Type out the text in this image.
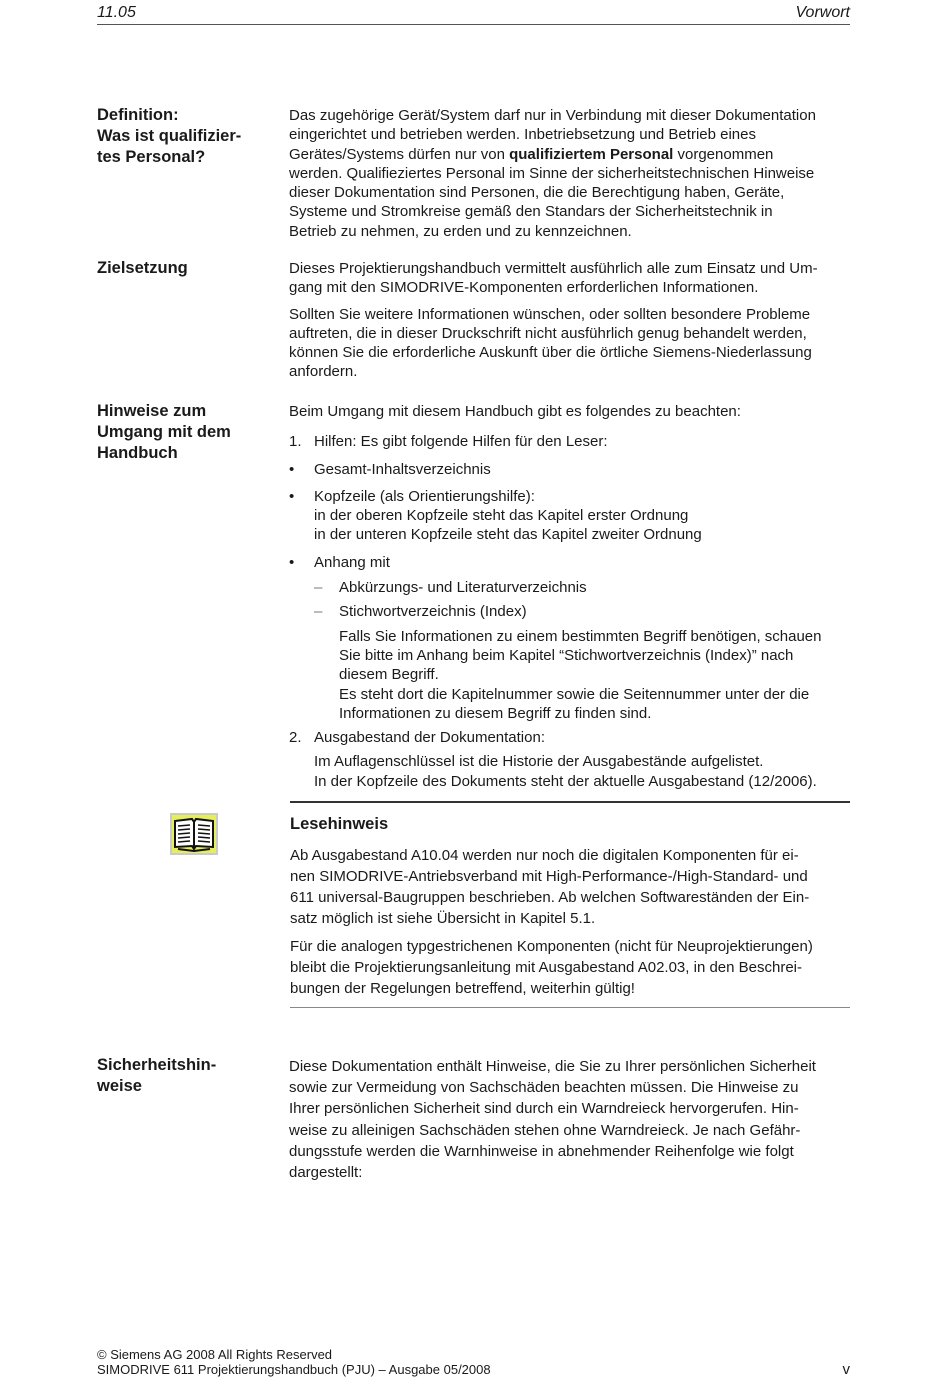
11.05	Vorwort
Definition:
Was ist qualifizier-
tes Personal?
Das zugehörige Gerät/System darf nur in Verbindung mit dieser Dokumentation
eingerichtet und betrieben werden. Inbetriebsetzung und Betrieb eines
Gerätes/Systems dürfen nur von qualifiziertem Personal vorgenommen
werden. Qualifieziertes Personal im Sinne der sicherheitstechnischen Hinweise
dieser Dokumentation sind Personen, die die Berechtigung haben, Geräte,
Systeme und Stromkreise gemäß den Standars der Sicherheitstechnik in
Betrieb zu nehmen, zu erden und zu kennzeichnen.
Zielsetzung	Dieses Projektierungshandbuch vermittelt ausführlich alle zum Einsatz und Um-
gang mit den SIMODRIVE-Komponenten erforderlichen Informationen.

Sollten Sie weitere Informationen wünschen, oder sollten besondere Probleme
auftreten, die in dieser Druckschrift nicht ausführlich genug behandelt werden,
können Sie die erforderliche Auskunft über die örtliche Siemens-Niederlassung
anfordern.

Hinweise zum
Umgang mit dem
Handbuch

Beim Umgang mit diesem Handbuch gibt es folgendes zu beachten:

1. Hilfen: Es gibt folgende Hilfen für den Leser:
• Gesamt-Inhaltsverzeichnis
• Kopfzeile (als Orientierungshilfe):
in der oberen Kopfzeile steht das Kapitel erster Ordnung
in der unteren Kopfzeile steht das Kapitel zweiter Ordnung
• Anhang mit
– Abkürzungs- und Literaturverzeichnis
– Stichwortverzeichnis (Index)
Falls Sie Informationen zu einem bestimmten Begriff benötigen, schauen
Sie bitte im Anhang beim Kapitel “Stichwortverzeichnis (Index)” nach
diesem Begriff.
Es steht dort die Kapitelnummer sowie die Seitennummer unter der die
Informationen zu diesem Begriff zu finden sind.
2. Ausgabestand der Dokumentation:
Im Auflagenschlüssel ist die Historie der Ausgabestände aufgelistet.
In der Kopfzeile des Dokuments steht der aktuelle Ausgabestand (12/2006).
Lesehinweis

Ab Ausgabestand A10.04 werden nur noch die digitalen Komponenten für ei-
nen SIMODRIVE-Antriebsverband mit High-Performance-/High-Standard- und
611 universal-Baugruppen beschrieben. Ab welchen Softwareständen der Ein-
satz möglich ist siehe Übersicht in Kapitel 5.1.

Für die analogen typgestrichenen Komponenten (nicht für Neuprojektierungen)
bleibt die Projektierungsanleitung mit Ausgabestand A02.03, in den Beschrei-
bungen der Regelungen betreffend, weiterhin gültig!

Sicherheitshin-
weise
Diese Dokumentation enthält Hinweise, die Sie zu Ihrer persönlichen Sicherheit
sowie zur Vermeidung von Sachschäden beachten müssen. Die Hinweise zu
Ihrer persönlichen Sicherheit sind durch ein Warndreieck hervorgerufen. Hin-
weise zu alleinigen Sachschäden stehen ohne Warndreieck. Je nach Gefähr-
dungsstufe werden die Warnhinweise in abnehmender Reihenfolge wie folgt
dargestellt:
© Siemens AG 2008 All Rights Reserved
SIMODRIVE 611 Projektierungshandbuch (PJU) – Ausgabe 05/2008	v
